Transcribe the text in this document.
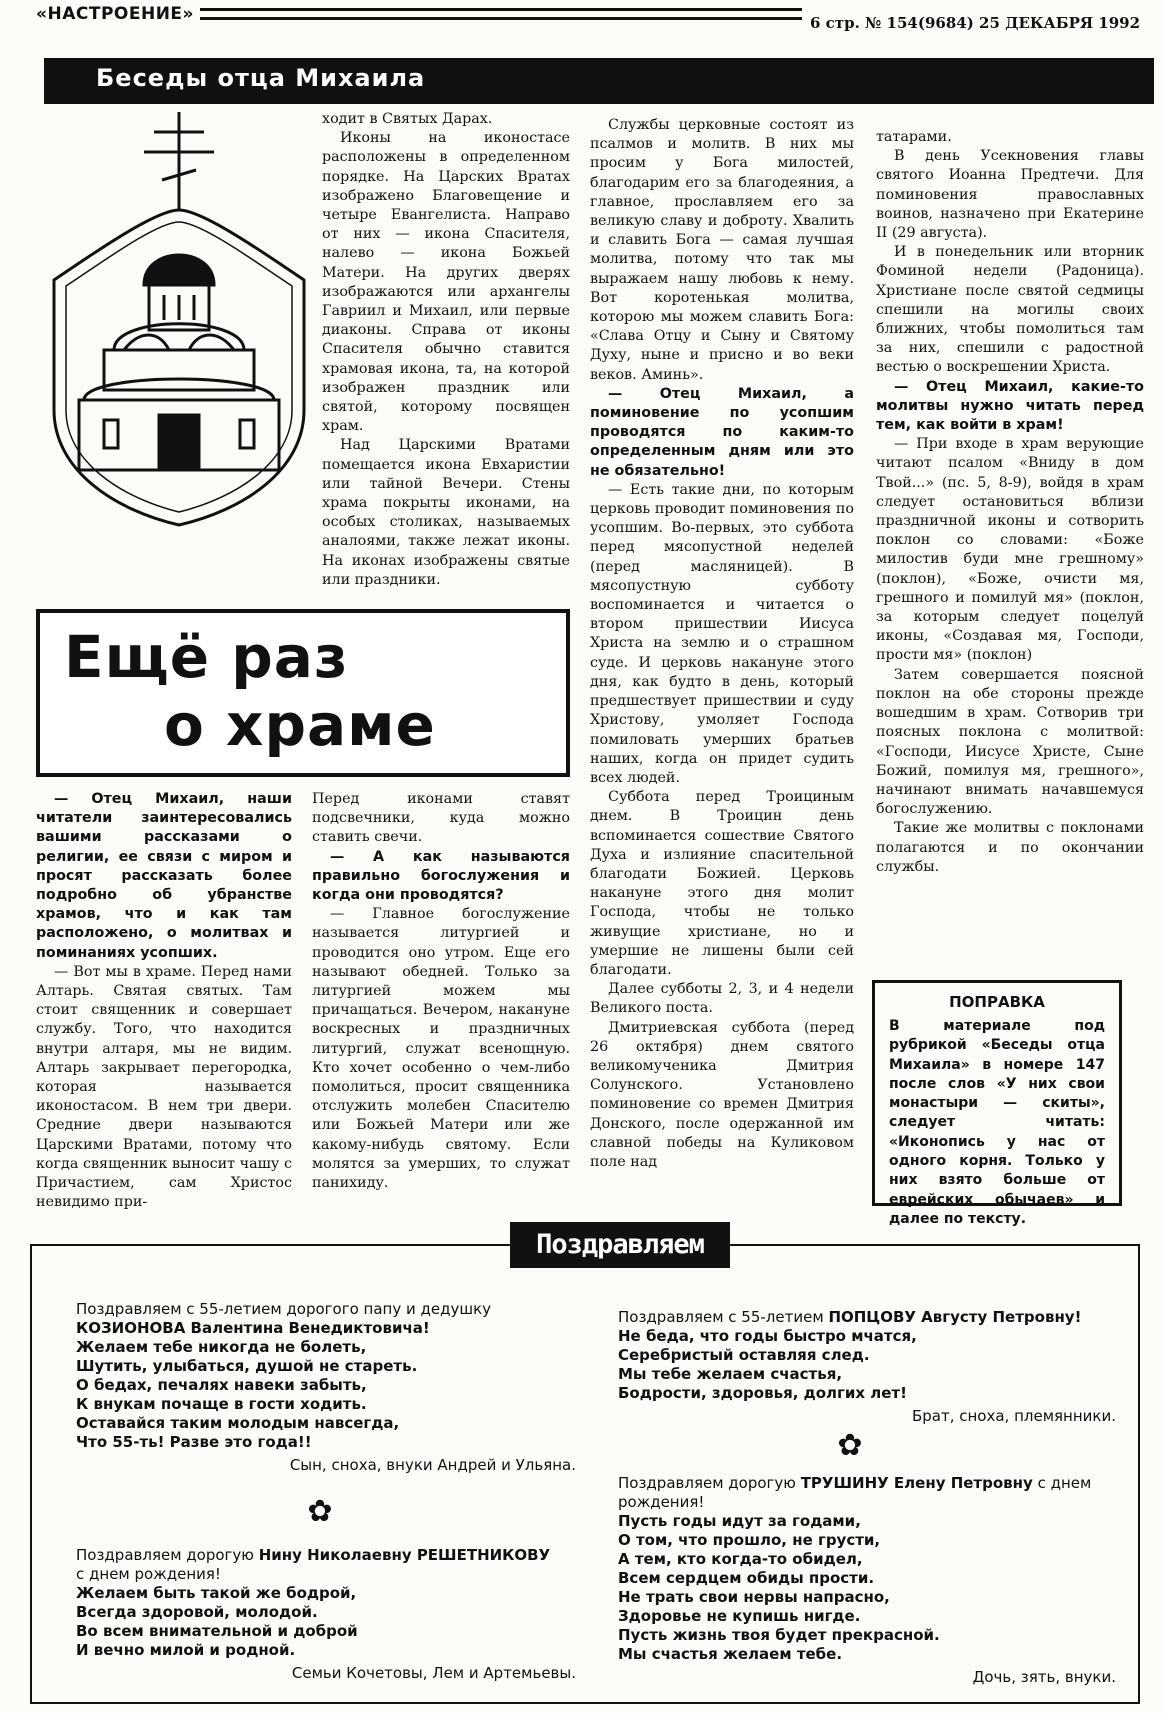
«НАСТРОЕНИЕ»	6 стр. № 154(9684) 25 ДЕКАБРЯ 1992
Беседы отца Михаила

ходит в Святых Дарах.

Иконы на иконостасе расположены в определенном порядке. На Царских Вратах изображено Благовещение и четыре Евангелиста. Направо от них — икона Спасителя, налево — икона Божьей Матери. На других дверях изображаются или архангелы Гавриил и Михаил, или первые диаконы. Справа от иконы Спасителя обычно ставится храмовая икона, та, на которой изображен праздник или святой, которому посвящен храм.

Над Царскими Вратами помещается икона Евхаристии или тайной Вечери. Стены храма покрыты иконами, на особых столиках, называемых аналоями, также лежат иконы. На иконах изображены святые или праздники.

Ещё раз
о храме

— Отец Михаил, наши читатели заинтересовались вашими рассказами о религии, ее связи с миром и просят рассказать более подробно об убранстве храмов, что и как там расположено, о молитвах и поминаниях усопших.

— Вот мы в храме. Перед нами Алтарь. Святая святых. Там стоит священник и совершает службу. Того, что находится внутри алтаря, мы не видим. Алтарь закрывает перегородка, которая называется иконостасом. В нем три двери. Средние двери называются Царскими Вратами, потому что когда священник выносит чашу с Причастием, сам Христос невидимо при-

Перед иконами ставят подсвечники, куда можно ставить свечи.

— А как называются правильно богослужения и когда они проводятся?

— Главное богослужение называется литургией и проводится оно утром. Еще его называют обедней. Только за литургией можем мы причащаться. Вечером, накануне воскресных и праздничных литургий, служат всенощную. Кто хочет особенно о чем-либо помолиться, просит священника отслужить молебен Спасителю или Божьей Матери или же какому-нибудь святому. Если молятся за умерших, то служат панихиду.

Службы церковные состоят из псалмов и молитв. В них мы просим у Бога милостей, благодарим его за благодеяния, а главное, прославляем его за великую славу и доброту. Хвалить и славить Бога — самая лучшая молитва, потому что так мы выражаем нашу любовь к нему. Вот коротенькая молитва, которою мы можем славить Бога: «Слава Отцу и Сыну и Святому Духу, ныне и присно и во веки веков. Аминь».

— Отец Михаил, а поминовение по усопшим проводятся по каким-то определенным дням или это не обязательно!

— Есть такие дни, по которым церковь проводит поминовения по усопшим. Во-первых, это суббота перед мясопустной неделей (перед масляницей). В мясопустную субботу воспоминается и читается о втором пришествии Иисуса Христа на землю и о страшном суде. И церковь накануне этого дня, как будто в день, который предшествует пришествии и суду Христову, умоляет Господа помиловать умерших братьев наших, когда он придет судить всех людей.

Суббота перед Троициным днем. В Троицин день вспоминается сошествие Святого Духа и излияние спасительной благодати Божией. Церковь накануне этого дня молит Господа, чтобы не только живущие христиане, но и умершие не лишены были сей благодати.

Далее субботы 2, 3, и 4 недели Великого поста.

Дмитриевская суббота (перед 26 октября) днем святого великомученика Дмитрия Солунского. Установлено поминовение со времен Дмитрия Донского, после одержанной им славной победы на Куликовом поле над

татарами.

В день Усекновения главы святого Иоанна Предтечи. Для поминовения православных воинов, назначено при Екатерине II (29 августа).

И в понедельник или вторник Фоминой недели (Радоница). Христиане после святой седмицы спешили на могилы своих ближних, чтобы помолиться там за них, спешили с радостной вестью о воскрешении Христа.

— Отец Михаил, какие-то молитвы нужно читать перед тем, как войти в храм!

— При входе в храм верующие читают псалом «Вниду в дом Твой...» (пс. 5, 8-9), войдя в храм следует остановиться вблизи праздничной иконы и сотворить поклон со словами: «Боже милостив буди мне грешному» (поклон), «Боже, очисти мя, грешного и помилуй мя» (поклон, за которым следует поцелуй иконы, «Создавая мя, Господи, прости мя» (поклон)

Затем совершается поясной поклон на обе стороны прежде вошедшим в храм. Сотворив три поясных поклона с молитвой: «Господи, Иисусе Христе, Сыне Божий, помилуя мя, грешного», начинают внимать начавшемуся богослужению.

Такие же молитвы с поклонами полагаются и по окончании службы.

ПОПРАВКА
В материале под рубрикой «Беседы отца Михаила» в номере 147 после слов «У них свои монастыри — скиты», следует читать: «Иконопись у нас от одного корня. Только у них взято больше от еврейских обычаев» и далее по тексту.
Поздравляем
Поздравляем с 55-летием дорогого папу и дедушку
КОЗИОНОВА Валентина Венедиктовича!
Желаем тебе никогда не болеть,
Шутить, улыбаться, душой не стареть.
О бедах, печалях навеки забыть,
К внукам почаще в гости ходить.
Оставайся таким молодым навсегда,
Что 55-ть! Разве это года!!
Сын, сноха, внуки Андрей и Ульяна.
✿
Поздравляем дорогую Нину Николаевну РЕШЕТНИКОВУ
с днем рождения!
Желаем быть такой же бодрой,
Всегда здоровой, молодой.
Во всем внимательной и доброй
И вечно милой и родной.
Семьи Кочетовы, Лем и Артемьевы.
Поздравляем с 55-летием ПОПЦОВУ Августу Петровну!
Не беда, что годы быстро мчатся,
Серебристый оставляя след.
Мы тебе желаем счастья,
Бодрости, здоровья, долгих лет!
Брат, сноха, племянники.
✿
Поздравляем дорогую ТРУШИНУ Елену Петровну с днем рождения!
Пусть годы идут за годами,
О том, что прошло, не грусти,
А тем, кто когда-то обидел,
Всем сердцем обиды прости.
Не трать свои нервы напрасно,
Здоровье не купишь нигде.
Пусть жизнь твоя будет прекрасной.
Мы счастья желаем тебе.
Дочь, зять, внуки.
